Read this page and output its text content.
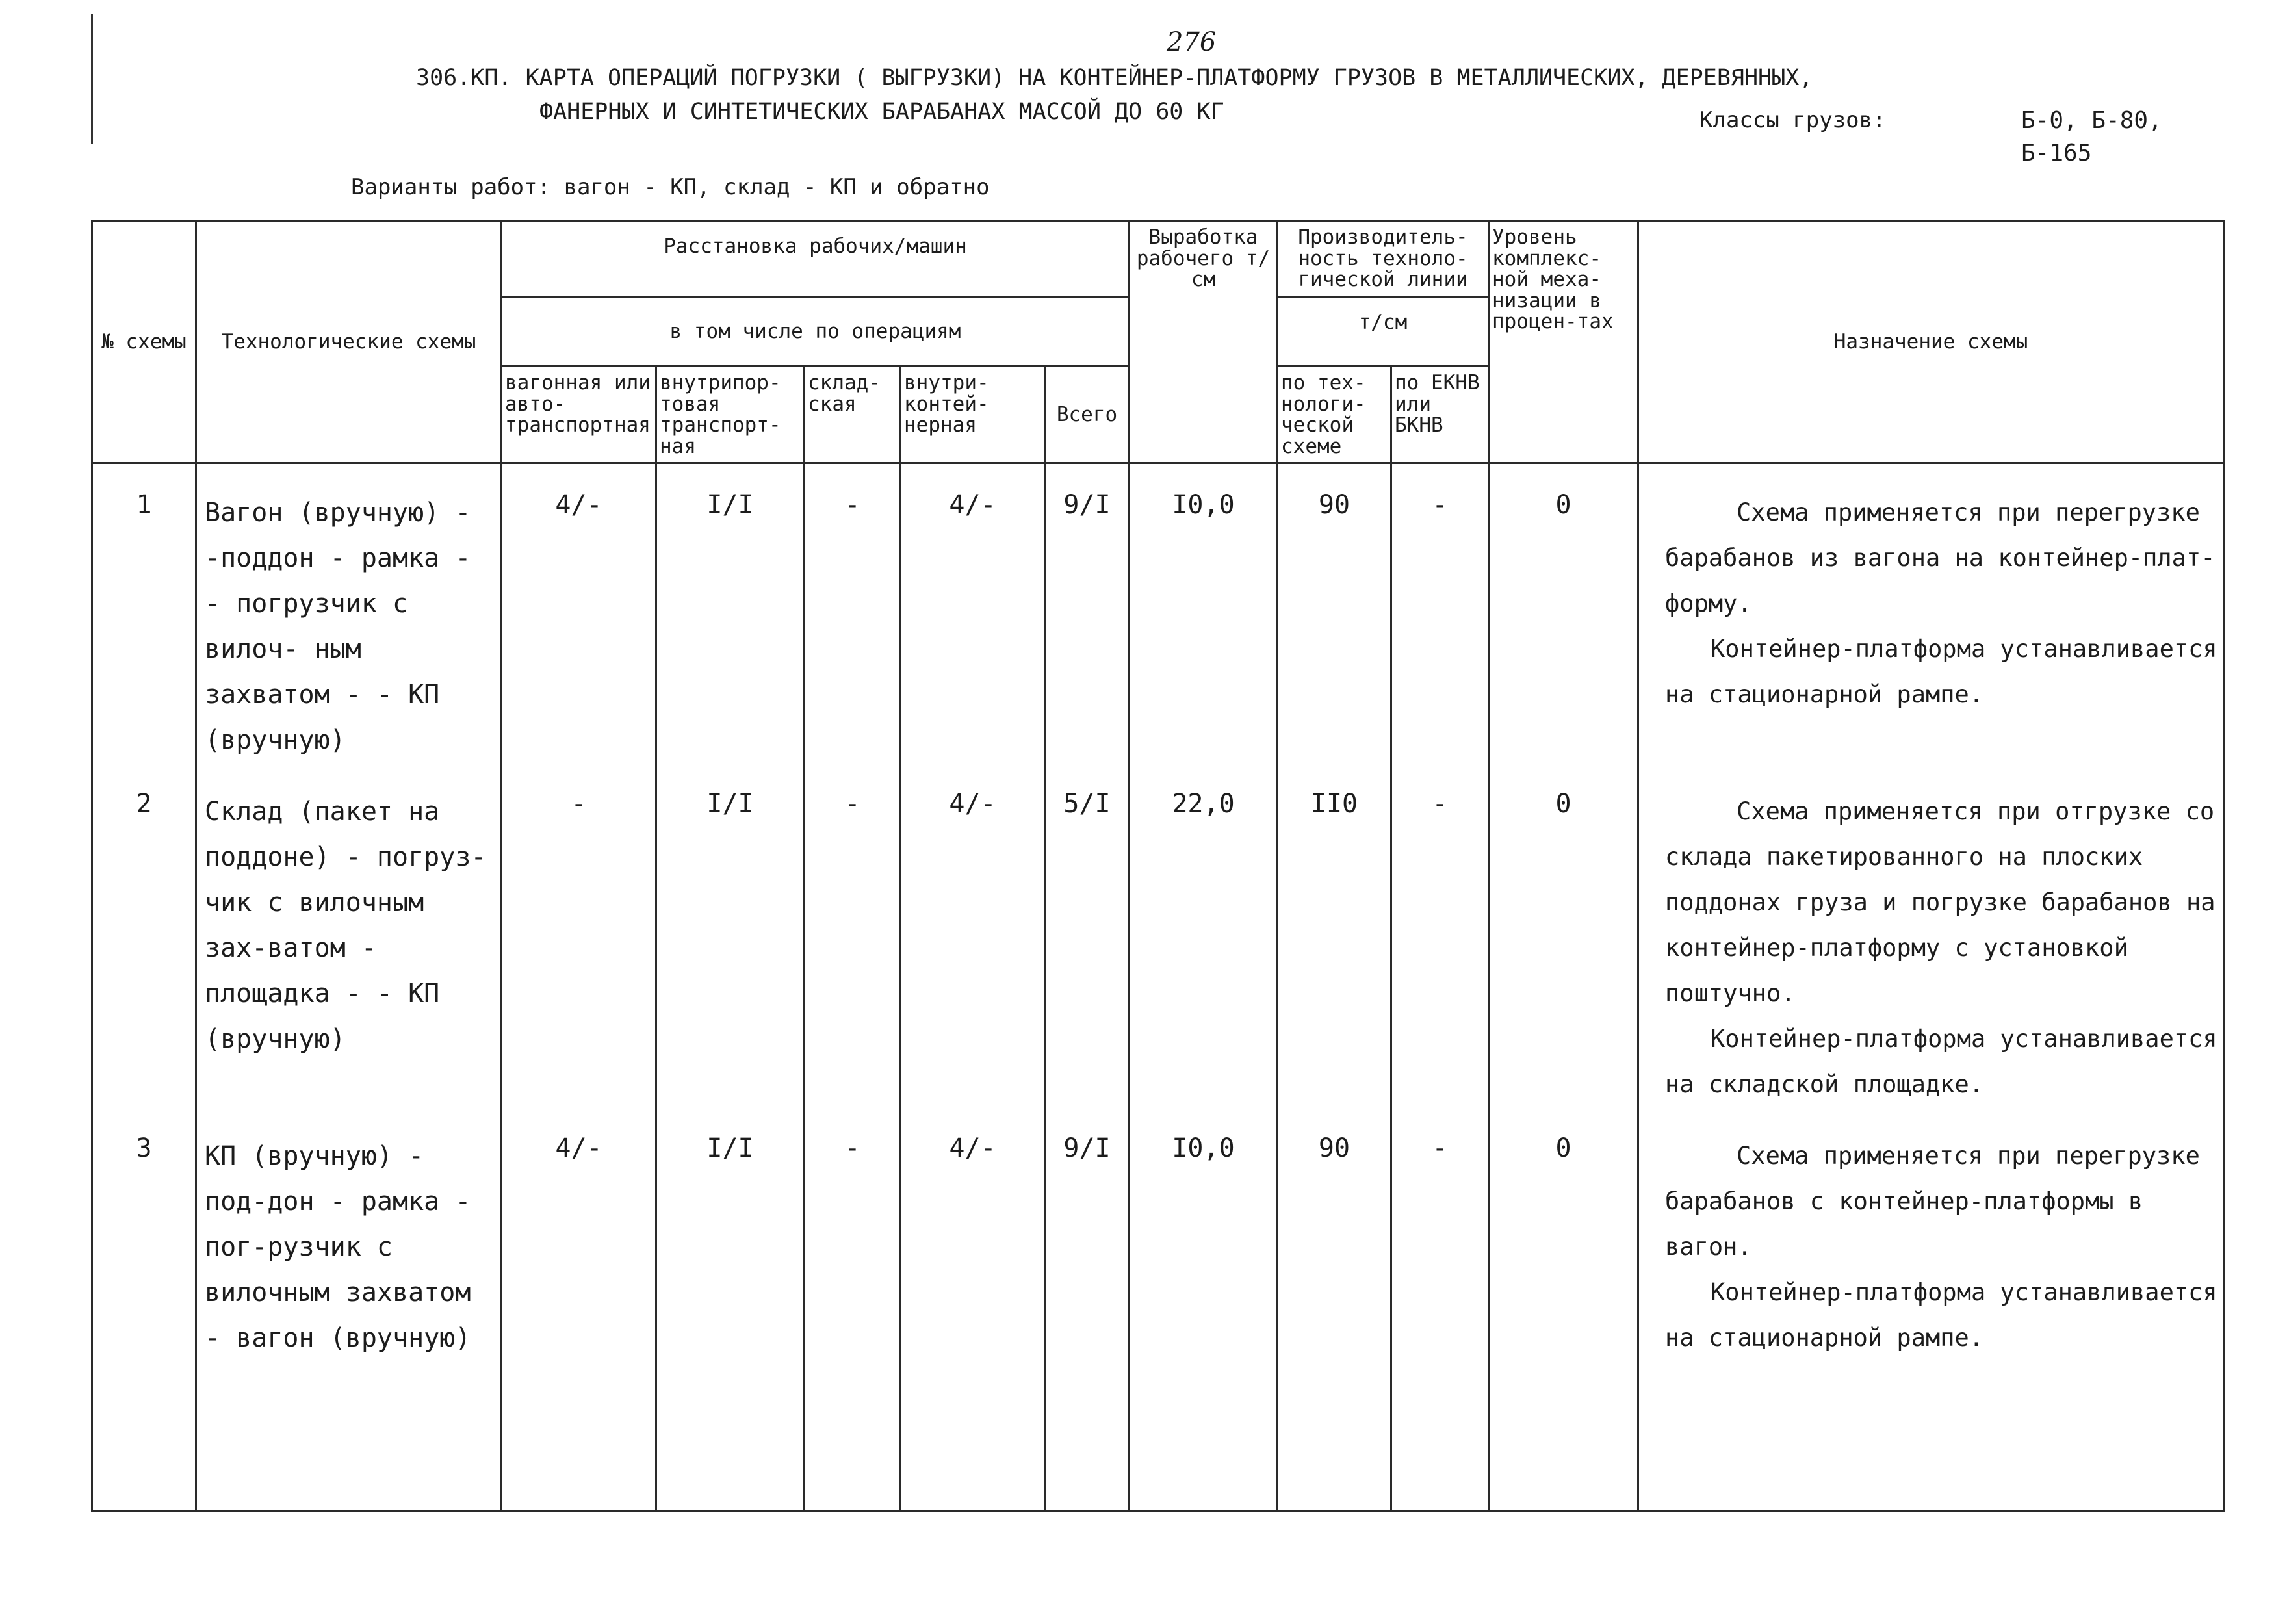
276
306.КП. КАРТА ОПЕРАЦИЙ ПОГРУЗКИ ( ВЫГРУЗКИ) НА КОНТЕЙНЕР-ПЛАТФОРМУ ГРУЗОВ В МЕТАЛЛИЧЕСКИХ, ДЕРЕВЯННЫХ,
ФАНЕРНЫХ И СИНТЕТИЧЕСКИХ БАРАБАНАХ МАССОЙ ДО 60 КГ	Классы грузов:	Б-0, Б-80,
Б-165
Варианты работ: вагон - КП, склад - КП и обратно
№ схемы	Технологические схемы	Расстановка рабочих/машин					Выработка рабочего т/см	Производитель-ность техноло-гической линии		Уровень комплекс-ной меха-низации в процен-тах	Назначение схемы
		в том числе по операциям						т/см			
		вагонная или авто-транспортная	внутрипор-товая транспорт-ная	склад-ская	внутри-контей-нерная	Всего		по тех-нологи-ческой схеме	по ЕКНВ или БКНВ		
1	Вагон (вручную) - -поддон - рамка - - погрузчик с вилоч- ным захватом - - КП (вручную)	4/-	I/I	-	4/-	9/I	I0,0	90	-	0	Схема применяется при перегрузке барабанов из вагона на контейнер-плат-форму.

Контейнер-платформа устанавливается на стационарной рампе.

2	Склад (пакет на поддоне) - погруз-чик с вилочным зах-ватом - площадка - - КП (вручную)	-	I/I	-	4/-	5/I	22,0	II0	-	0	Схема применяется при отгрузке со склада пакетированного на плоских поддонах груза и погрузке барабанов на контейнер-платформу с установкой поштучно.

Контейнер-платформа устанавливается на складской площадке.

3	КП (вручную) - под-дон - рамка - пог-рузчик с вилочным захватом - вагон (вручную)	4/-	I/I	-	4/-	9/I	I0,0	90	-	0	Схема применяется при перегрузке барабанов с контейнер-платформы в вагон.

Контейнер-платформа устанавливается на стационарной рампе.
